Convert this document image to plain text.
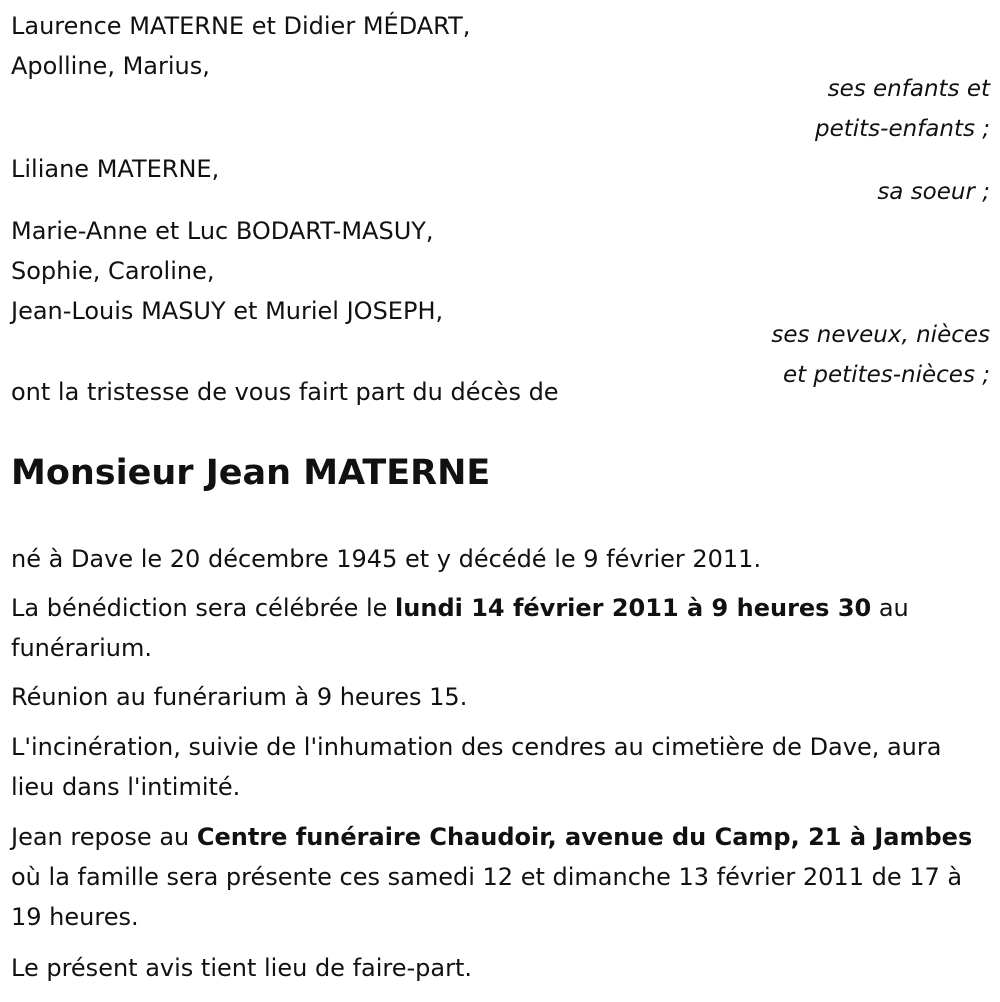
Laurence MATERNE et Didier MÉDART,
Apolline, Marius,
ses enfants et
petits-enfants ;
Liliane MATERNE,
sa soeur ;
Marie-Anne et Luc BODART-MASUY,
Sophie, Caroline,
Jean-Louis MASUY et Muriel JOSEPH,
ses neveux, nièces
et petites-nièces ;
ont la tristesse de vous fairt part du décès de
Monsieur Jean MATERNE
né à Dave le 20 décembre 1945 et y décédé le 9 février 2011.
La bénédiction sera célébrée le lundi 14 février 2011 à 9 heures 30 au funérarium.
Réunion au funérarium à 9 heures 15.
L'incinération, suivie de l'inhumation des cendres au cimetière de Dave, aura lieu dans l'intimité.
Jean repose au Centre funéraire Chaudoir, avenue du Camp, 21 à Jambes où la famille sera présente ces samedi 12 et dimanche 13 février 2011 de 17 à 19 heures.
Le présent avis tient lieu de faire-part.
